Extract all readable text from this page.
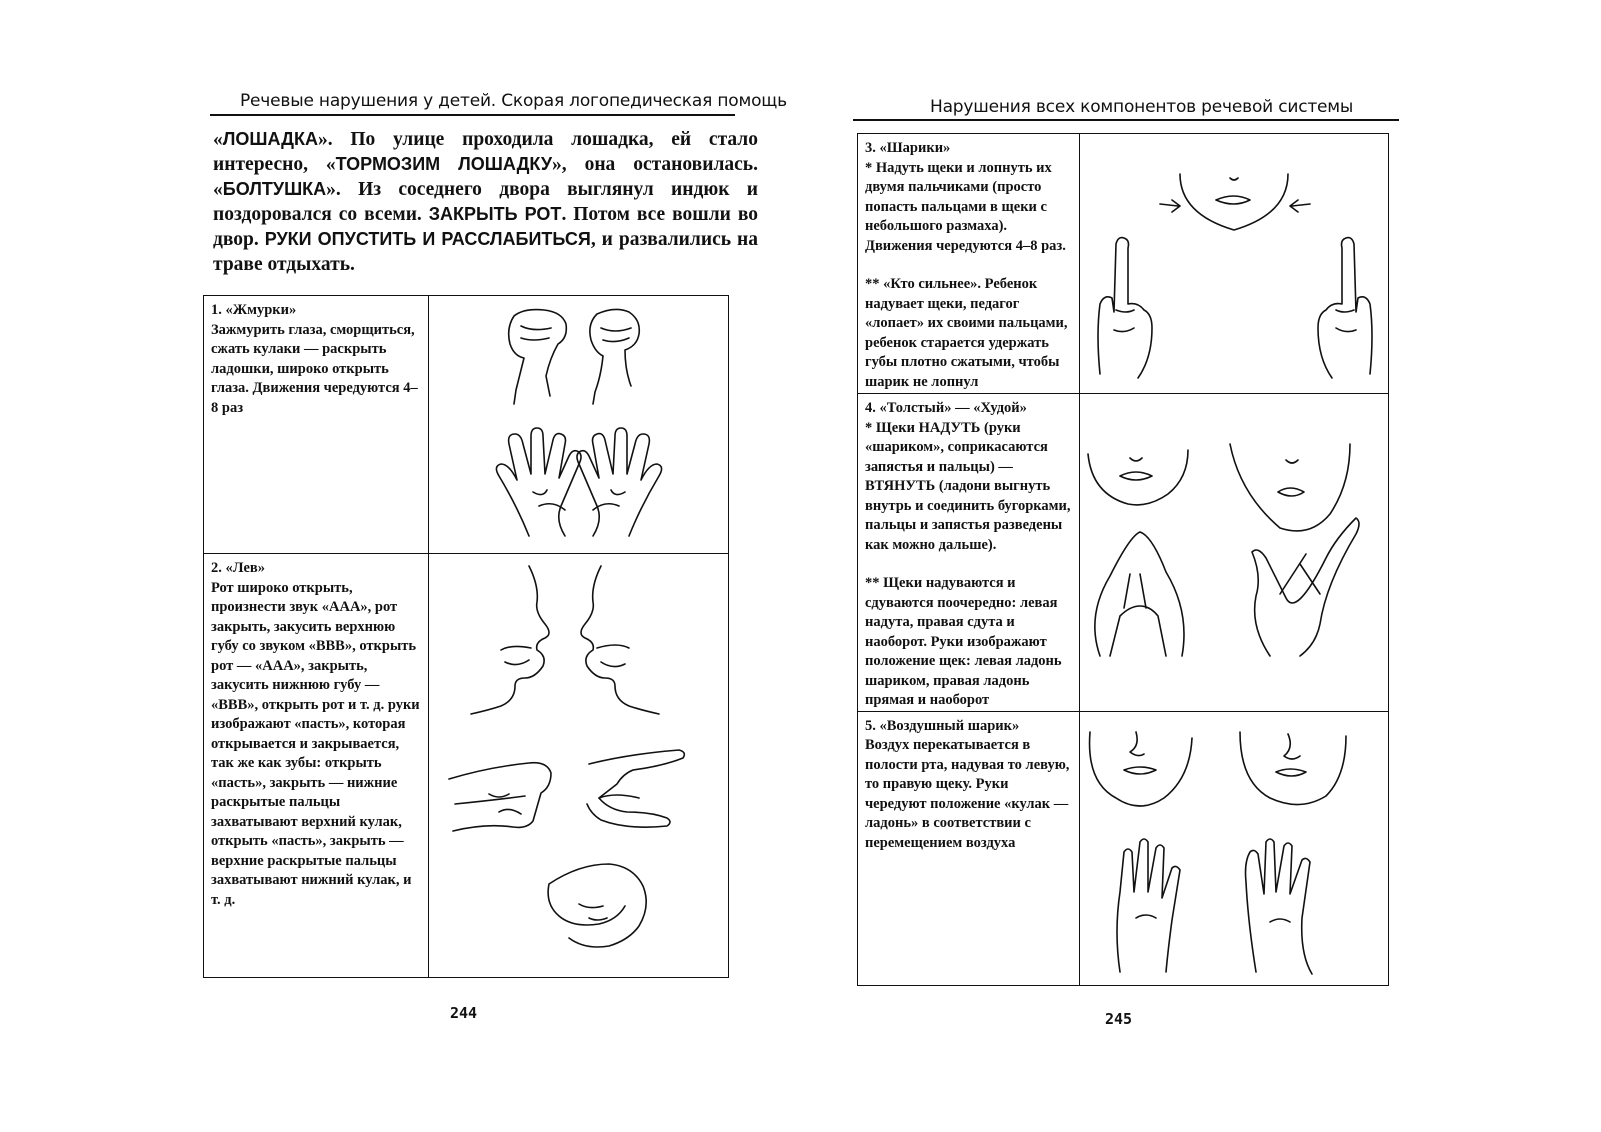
Речевые нарушения у детей. Скорая логопедическая помощь
«ЛОШАДКА». По улице проходила лошадка, ей стало интересно, «ТОРМОЗИМ ЛОШАДКУ», она остановилась. «БОЛТУШКА». Из соседнего двора выглянул индюк и поздоровался со всеми. ЗАКРЫТЬ РОТ. Потом все вошли во двор. РУКИ ОПУСТИТЬ И РАССЛАБИТЬСЯ, и развалились на траве отдыхать.
1. «Жмурки»

Зажмурить глаза, сморщиться, сжать кулаки — раскрыть ладошки, широко открыть глаза. Движения чередуются 4–8 раз

2. «Лев»

Рот широко открыть, произнести звук «ААА», рот закрыть, закусить верхнюю губу со звуком «ВВВ», открыть рот — «ААА», закрыть, закусить нижнюю губу — «ВВВ», открыть рот и т. д. руки изображают «пасть», которая открывается и закрывается, так же как зубы: открыть «пасть», закрыть — нижние раскрытые пальцы захватывают верхний кулак, открыть «пасть», закрыть — верхние раскрытые пальцы захватывают нижний кулак, и т. д.

244
Нарушения всех компонентов речевой системы
3. «Шарики»

* Надуть щеки и лопнуть их двумя пальчиками (просто попасть пальцами в щеки с небольшого размаха). Движения чередуются 4–8 раз.

** «Кто сильнее». Ребенок надувает щеки, педагог «лопает» их своими пальцами, ребенок старается удержать губы плотно сжатыми, чтобы шарик не лопнул

4. «Толстый» — «Худой»

* Щеки НАДУТЬ (руки «шариком», соприкасаются запястья и пальцы) — ВТЯНУТЬ (ладони выгнуть внутрь и соединить бугорками, пальцы и запястья разведены как можно дальше).

** Щеки надуваются и сдуваются поочередно: левая надута, правая сдута и наоборот. Руки изображают положение щек: левая ладонь шариком, правая ладонь прямая и наоборот

5. «Воздушный шарик»

Воздух перекатывается в полости рта, надувая то левую, то правую щеку. Руки чередуют положение «кулак — ладонь» в соответствии с перемещением воздуха

245
